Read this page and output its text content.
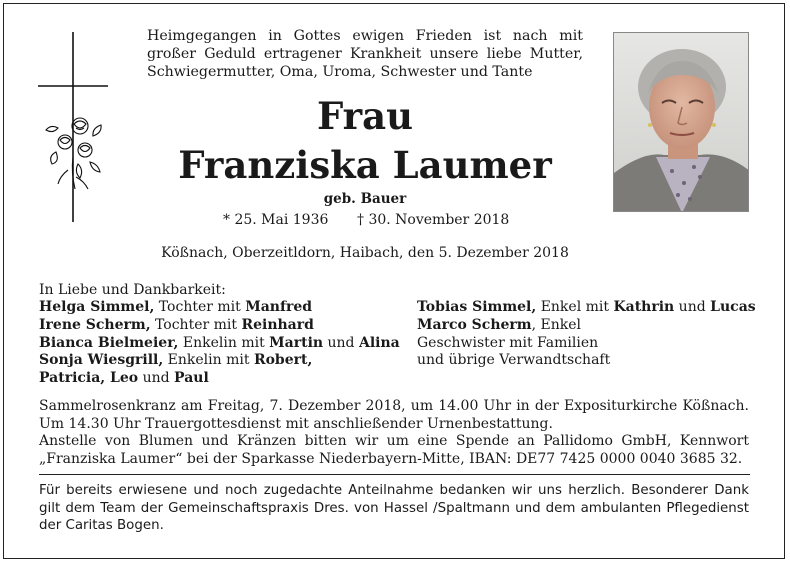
Heimgegangen in Gottes ewigen Frieden ist nach mit großer Geduld ertragener Krankheit unsere liebe Mutter, Schwiegermutter, Oma, Uroma, Schwester und Tante
Frau
Franziska Laumer
geb. Bauer
* 25. Mai 1936 † 30. November 2018
Kößnach, Oberzeitldorn, Haibach, den 5. Dezember 2018
In Liebe und Dankbarkeit:
Helga Simmel, Tochter mit Manfred
Irene Scherm, Tochter mit Reinhard
Bianca Bielmeier, Enkelin mit Martin und Alina
Sonja Wiesgrill, Enkelin mit Robert,
Patricia, Leo und Paul
Tobias Simmel, Enkel mit Kathrin und Lucas
Marco Scherm, Enkel
Geschwister mit Familien
und übrige Verwandtschaft
Sammelrosenkranz am Freitag, 7. Dezember 2018, um 14.00 Uhr in der Expositurkirche Kößnach. Um 14.30 Uhr Trauergottesdienst mit anschließender Urnenbestattung.
Anstelle von Blumen und Kränzen bitten wir um eine Spende an Pallidomo GmbH, Kennwort „Franziska Laumer“ bei der Sparkasse Niederbayern-Mitte, IBAN: DE77 7425 0000 0040 3685 32.
Für bereits erwiesene und noch zugedachte Anteilnahme bedanken wir uns herzlich. Besonderer Dank gilt dem Team der Gemeinschaftspraxis Dres. von Hassel /Spaltmann und dem ambulanten Pflegedienst der Caritas Bogen.
